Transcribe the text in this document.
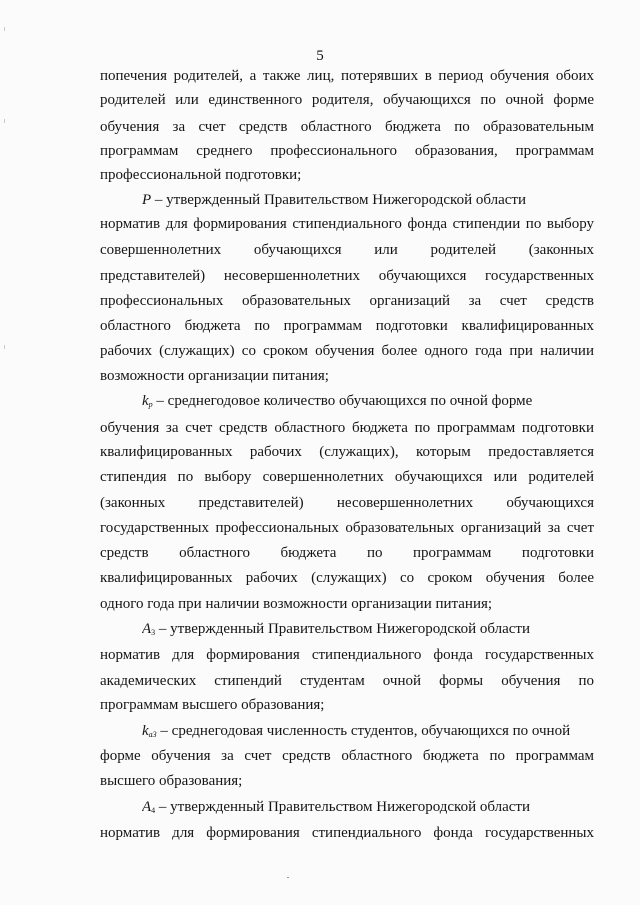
5
попечения родителей, а также лиц, потерявших в период обучения обоих
родителей или единственного родителя, обучающихся по очной форме
обучения за счет средств областного бюджета по образовательным
программам среднего профессионального образования, программам
профессиональной подготовки;
P – утвержденный Правительством Нижегородской области
норматив для формирования стипендиального фонда стипендии по выбору
совершеннолетних обучающихся или родителей (законных
представителей) несовершеннолетних обучающихся государственных
профессиональных образовательных организаций за счет средств
областного бюджета по программам подготовки квалифицированных
рабочих (служащих) со сроком обучения более одного года при наличии
возможности организации питания;
$k_p$ – среднегодовое количество обучающихся по очной форме
обучения за счет средств областного бюджета по программам подготовки
квалифицированных рабочих (служащих), которым предоставляется
стипендия по выбору совершеннолетних обучающихся или родителей
(законных представителей) несовершеннолетних обучающихся
государственных профессиональных образовательных организаций за счет
средств областного бюджета по программам подготовки
квалифицированных рабочих (служащих) со сроком обучения более
одного года при наличии возможности организации питания;
$A_3$ – утвержденный Правительством Нижегородской области
норматив для формирования стипендиального фонда государственных
академических стипендий студентам очной формы обучения по
программам высшего образования;
$k_{a3}$ – среднегодовая численность студентов, обучающихся по очной
форме обучения за счет средств областного бюджета по программам
высшего образования;
$A_4$ – утвержденный Правительством Нижегородской области
норматив для формирования стипендиального фонда государственных
